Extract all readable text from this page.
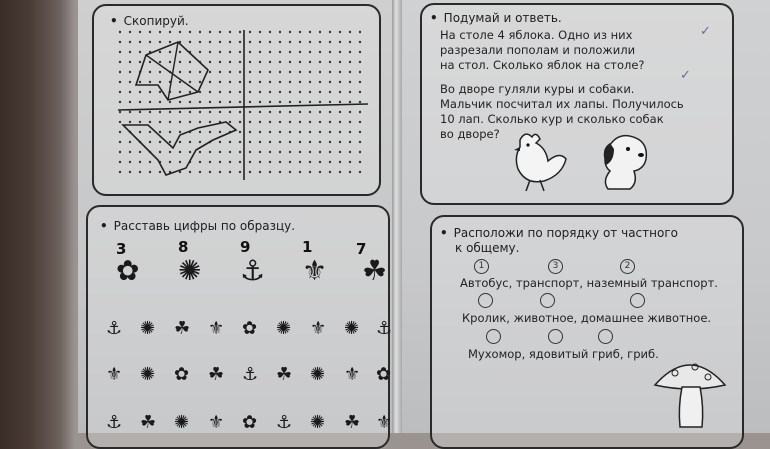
• Скопируй.
• Расставь цифры по образцу.
3	8	9	1	7
✿ ✺ ⚓ ⚜ ☘
⚓ ✺ ☘ ⚜ ✿ ✺ ⚜ ✺ ⚓
⚜ ✺ ✿ ☘ ⚓ ☘ ✺ ⚜ ✿
⚓ ☘ ✺ ⚜ ✿ ⚓ ✺ ☘ ⚜
• Подумай и ответь.
На столе 4 яблока. Одно из них
разрезали пополам и положили
на стол. Сколько яблок на столе?
✓
Во дворе гуляли куры и собаки.
Мальчик посчитал их лапы. Получилось
10 лап. Сколько кур и сколько собак
во дворе?
✓
• Расположи по порядку от частного
к общему.
1	3	2
Автобус, транспорт, наземный транспорт.
Кролик, животное, домашнее животное.
Мухомор, ядовитый гриб, гриб.
